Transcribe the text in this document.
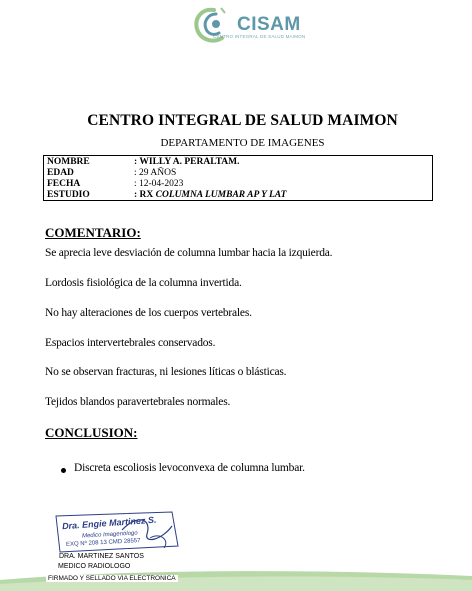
CISAM
CENTRO INTEGRAL DE SALUD MAIMON
CENTRO INTEGRAL DE SALUD MAIMON
DEPARTAMENTO DE IMAGENES
NOMBRE	: WILLY A. PERALTAM.
EDAD	: 29 AÑOS
FECHA	: 12-04-2023
ESTUDIO	: RX COLUMNA LUMBAR AP Y LAT
COMENTARIO:
Se aprecia leve desviación de columna lumbar hacia la izquierda.
Lordosis fisiológica de la columna invertida.
No hay alteraciones de los cuerpos vertebrales.
Espacios intervertebrales conservados.
No se observan fracturas, ni lesiones líticas o blásticas.
Tejidos blandos paravertebrales normales.
CONCLUSION:
Discreta escoliosis levoconvexa de columna lumbar.
Dra. Engie Martinez S.
Medico Imagenólogo
EXQ Nº 208 13 CMD 28557
DRA. MARTINEZ SANTOS
MEDICO RADIOLOGO
FIRMADO Y SELLADO VIA ELECTRONICA
